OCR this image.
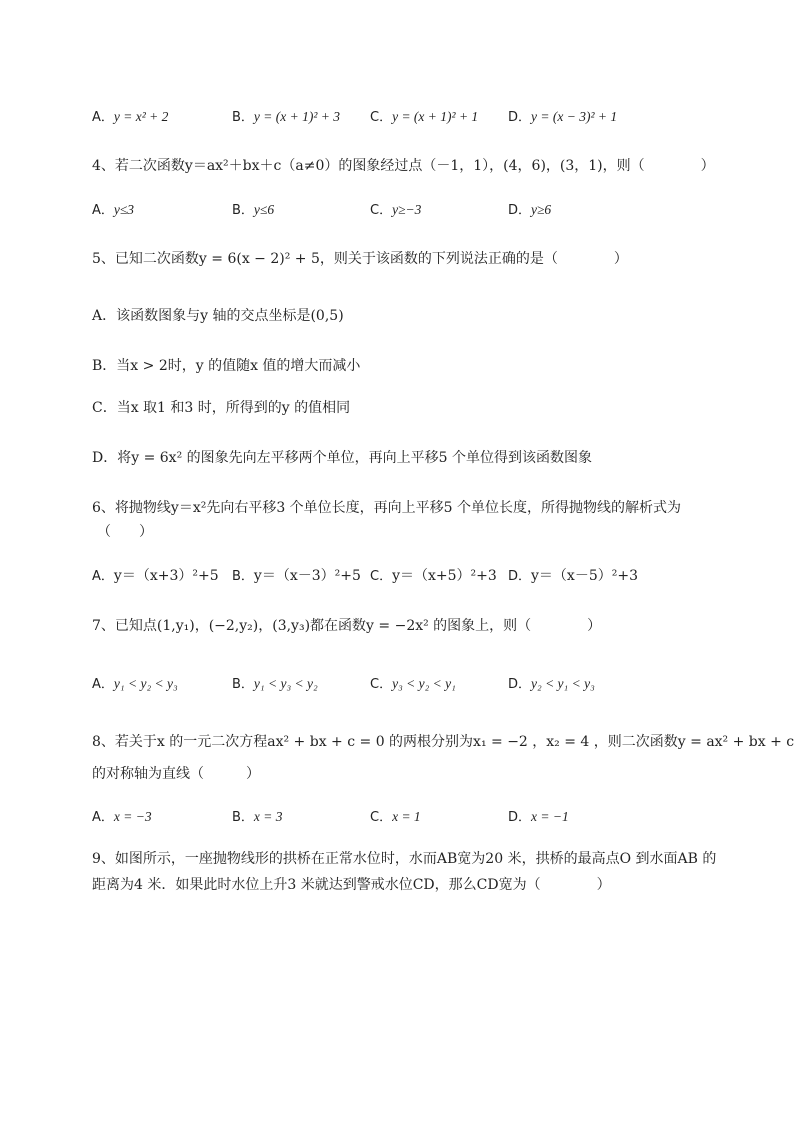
A．y = x² + 2	B．y = (x + 1)² + 3 C．y = (x + 1)² + 1 D．y = (x − 3)² + 1
4、若二次函数y＝ax²＋bx＋c（a≠0）的图象经过点（－1，1），(4，6)，(3，1)，则（　　　　）
A．y≤3	B．y≤6	C．y≥−3	D．y≥6
5、已知二次函数y = 6(x − 2)² + 5，则关于该函数的下列说法正确的是（　　　　）
A．该函数图象与y 轴的交点坐标是(0,5)
B．当x > 2时，y 的值随x 值的增大而减小
C．当x 取1 和3 时，所得到的y 的值相同
D．将y = 6x² 的图象先向左平移两个单位，再向上平移5 个单位得到该函数图象
6、将抛物线y＝x²先向右平移3 个单位长度，再向上平移5 个单位长度，所得抛物线的解析式为
（　　）
A．y＝（x+3）²+5 B．y＝（x－3）²+5 C．y＝（x+5）²+3 D．y＝（x－5）²+3
7、已知点(1,y₁)，(−2,y₂)，(3,y₃)都在函数y = −2x² 的图象上，则（　　　　）
A．y₁ < y₂ < y₃	B．y₁ < y₃ < y₂	C．y₃ < y₂ < y₁	D．y₂ < y₁ < y₃
8、若关于x 的一元二次方程ax² + bx + c = 0 的两根分别为x₁ = −2 ，x₂ = 4 ，则二次函数y = ax² + bx + c
的对称轴为直线（　　　）
A．x = −3	B．x = 3	C．x = 1	D．x = −1
9、如图所示，一座抛物线形的拱桥在正常水位时，水而AB宽为20 米，拱桥的最高点O 到水面AB 的
距离为4 米．如果此时水位上升3 米就达到警戒水位CD，那么CD宽为（　　　　）
